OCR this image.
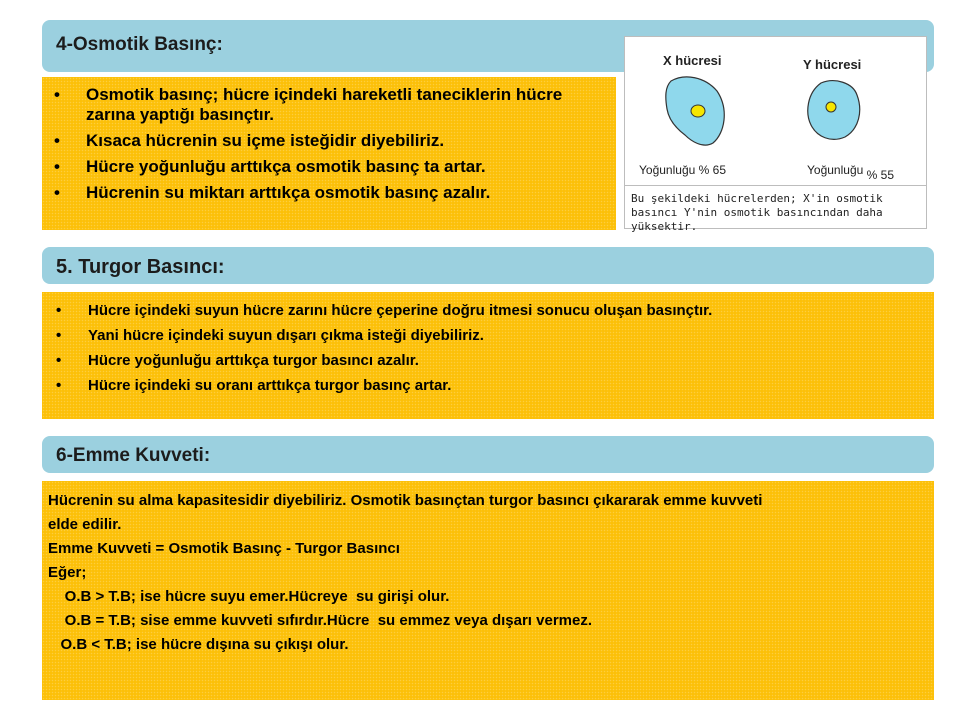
4-Osmotik Basınç:
• Osmotik basınç; hücre içindeki hareketli taneciklerin hücre zarına yaptığı basınçtır.
• Kısaca hücrenin su içme isteğidir diyebiliriz.
• Hücre yoğunluğu arttıkça osmotik basınç ta artar.
• Hücrenin su miktarı arttıkça osmotik basınç azalır.
X hücresi	Y hücresi
Yoğunluğu % 65	Yoğunluğu % 55
Bu şekildeki hücrelerden; X'in osmotik basıncı Y'nin osmotik basıncından daha yüksektir.
5. Turgor Basıncı:
• Hücre içindeki suyun hücre zarını hücre çeperine doğru itmesi sonucu oluşan basınçtır.
• Yani hücre içindeki suyun dışarı çıkma isteği diyebiliriz.
• Hücre yoğunluğu arttıkça turgor basıncı azalır.
• Hücre içindeki su oranı arttıkça turgor basınç artar.
6-Emme Kuvveti:
Hücrenin su alma kapasitesidir diyebiliriz. Osmotik basınçtan turgor basıncı çıkararak emme kuvveti
elde edilir.
Emme Kuvveti = Osmotik Basınç - Turgor Basıncı
Eğer;
O.B > T.B; ise hücre suyu emer.Hücreye  su girişi olur.
O.B = T.B; sise emme kuvveti sıfırdır.Hücre  su emmez veya dışarı vermez.
O.B < T.B; ise hücre dışına su çıkışı olur.
